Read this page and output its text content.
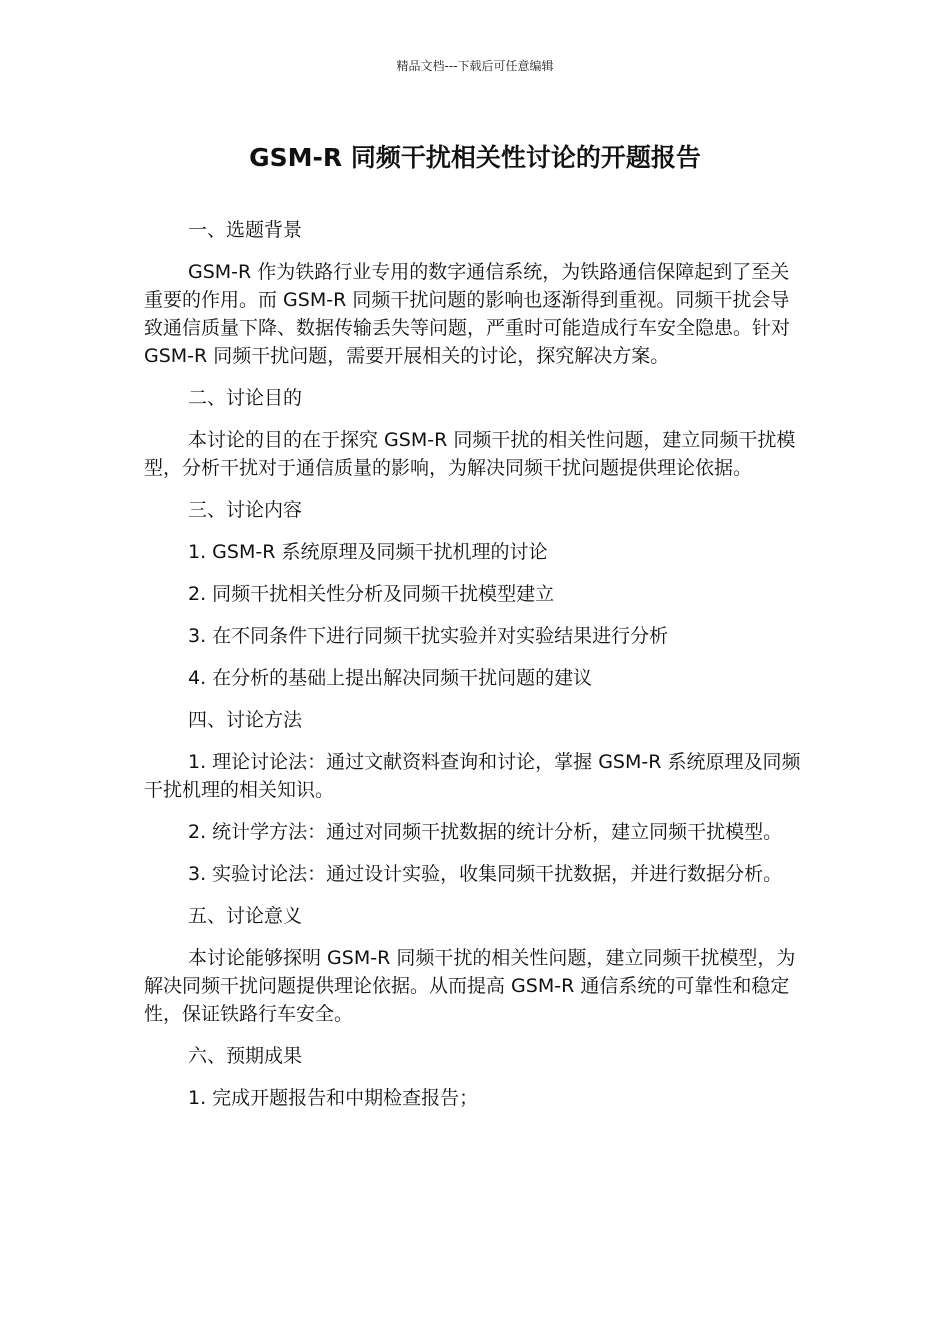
精品文档---下载后可任意编辑
GSM-R 同频干扰相关性讨论的开题报告

一、选题背景

GSM-R 作为铁路行业专用的数字通信系统，为铁路通信保障起到了至关重要的作用。而 GSM-R 同频干扰问题的影响也逐渐得到重视。同频干扰会导致通信质量下降、数据传输丢失等问题，严重时可能造成行车安全隐患。针对 GSM-R 同频干扰问题，需要开展相关的讨论，探究解决方案。

二、讨论目的

本讨论的目的在于探究 GSM-R 同频干扰的相关性问题，建立同频干扰模型，分析干扰对于通信质量的影响，为解决同频干扰问题提供理论依据。

三、讨论内容

1. GSM-R 系统原理及同频干扰机理的讨论

2. 同频干扰相关性分析及同频干扰模型建立

3. 在不同条件下进行同频干扰实验并对实验结果进行分析

4. 在分析的基础上提出解决同频干扰问题的建议

四、讨论方法

1. 理论讨论法：通过文献资料查询和讨论，掌握 GSM-R 系统原理及同频干扰机理的相关知识。

2. 统计学方法：通过对同频干扰数据的统计分析，建立同频干扰模型。

3. 实验讨论法：通过设计实验，收集同频干扰数据，并进行数据分析。

五、讨论意义

本讨论能够探明 GSM-R 同频干扰的相关性问题，建立同频干扰模型，为解决同频干扰问题提供理论依据。从而提高 GSM-R 通信系统的可靠性和稳定性，保证铁路行车安全。

六、预期成果

1. 完成开题报告和中期检查报告；
